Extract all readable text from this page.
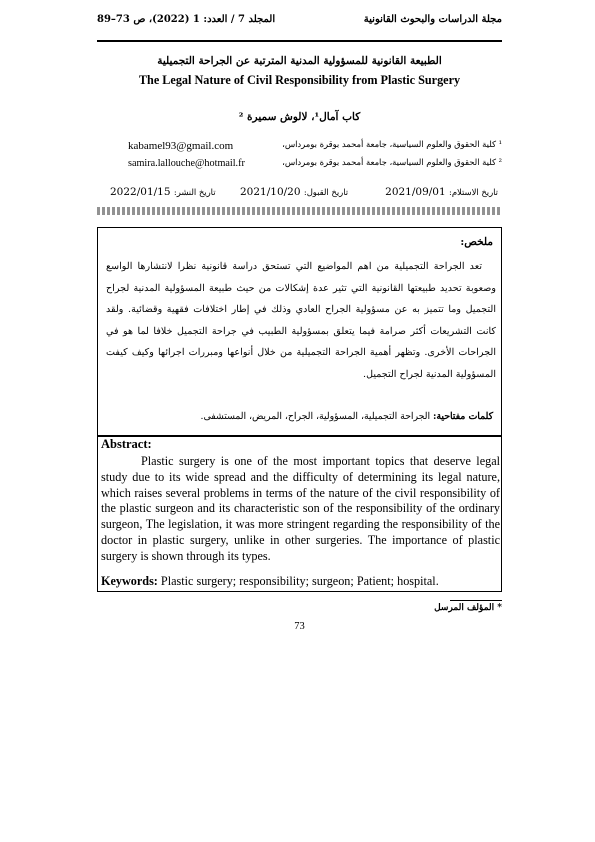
مجلة الدراسات والبحوث القانونية
المجلد 7 / العدد: 1 (2022)، ص 73–89
الطبيعة القانونية للمسؤولية المدنية المترتبة عن الجراحة التجميلية
The Legal Nature of Civil Responsibility from Plastic Surgery
كاب آمال¹، لالوش سميرة ²
¹ كلية الحقوق والعلوم السياسية، جامعة أمحمد بوقرة بومرداس،
kabamel93@gmail.com
² كلية الحقوق والعلوم السياسية، جامعة أمحمد بوقرة بومرداس،
samira.lallouche@hotmail.fr
تاريخ الاستلام: 2021/09/01
تاريخ القبول: 2021/10/20
تاريخ النشر: 2022/01/15
ملخص:
تعد الجراحة التجميلية من اهم المواضيع التي تستحق دراسة قانونية نظرا لانتشارها الواسع وصعوبة تحديد طبيعتها القانونية التي تثير عدة إشكالات من حيث طبيعة المسؤولية المدنية لجراح التجميل وما تتميز به عن مسؤولية الجراح العادي وذلك في إطار اختلافات فقهية وقضائية. ولقد كانت التشريعات أكثر صرامة فيما يتعلق بمسؤولية الطبيب في جراحة التجميل خلافا لما هو في الجراحات الأخرى. وتظهر أهمية الجراحة التجميلية من خلال أنواعها ومبررات اجرائها وكيف كيفت المسؤولية المدنية لجراح التجميل.
كلمات مفتاحية: الجراحة التجميلية، المسؤولية، الجراح، المريض، المستشفى.
Abstract:
Plastic surgery is one of the most important topics that deserve legal study due to its wide spread and the difficulty of determining its legal nature, which raises several problems in terms of the nature of the civil responsibility of the plastic surgeon and its characteristic son of the responsibility of the ordinary surgeon, The legislation, it was more stringent regarding the responsibility of the doctor in plastic surgery, unlike in other surgeries. The importance of plastic surgery is shown through its types.
Keywords: Plastic surgery; responsibility; surgeon; Patient; hospital.
* المؤلف المرسل
73
